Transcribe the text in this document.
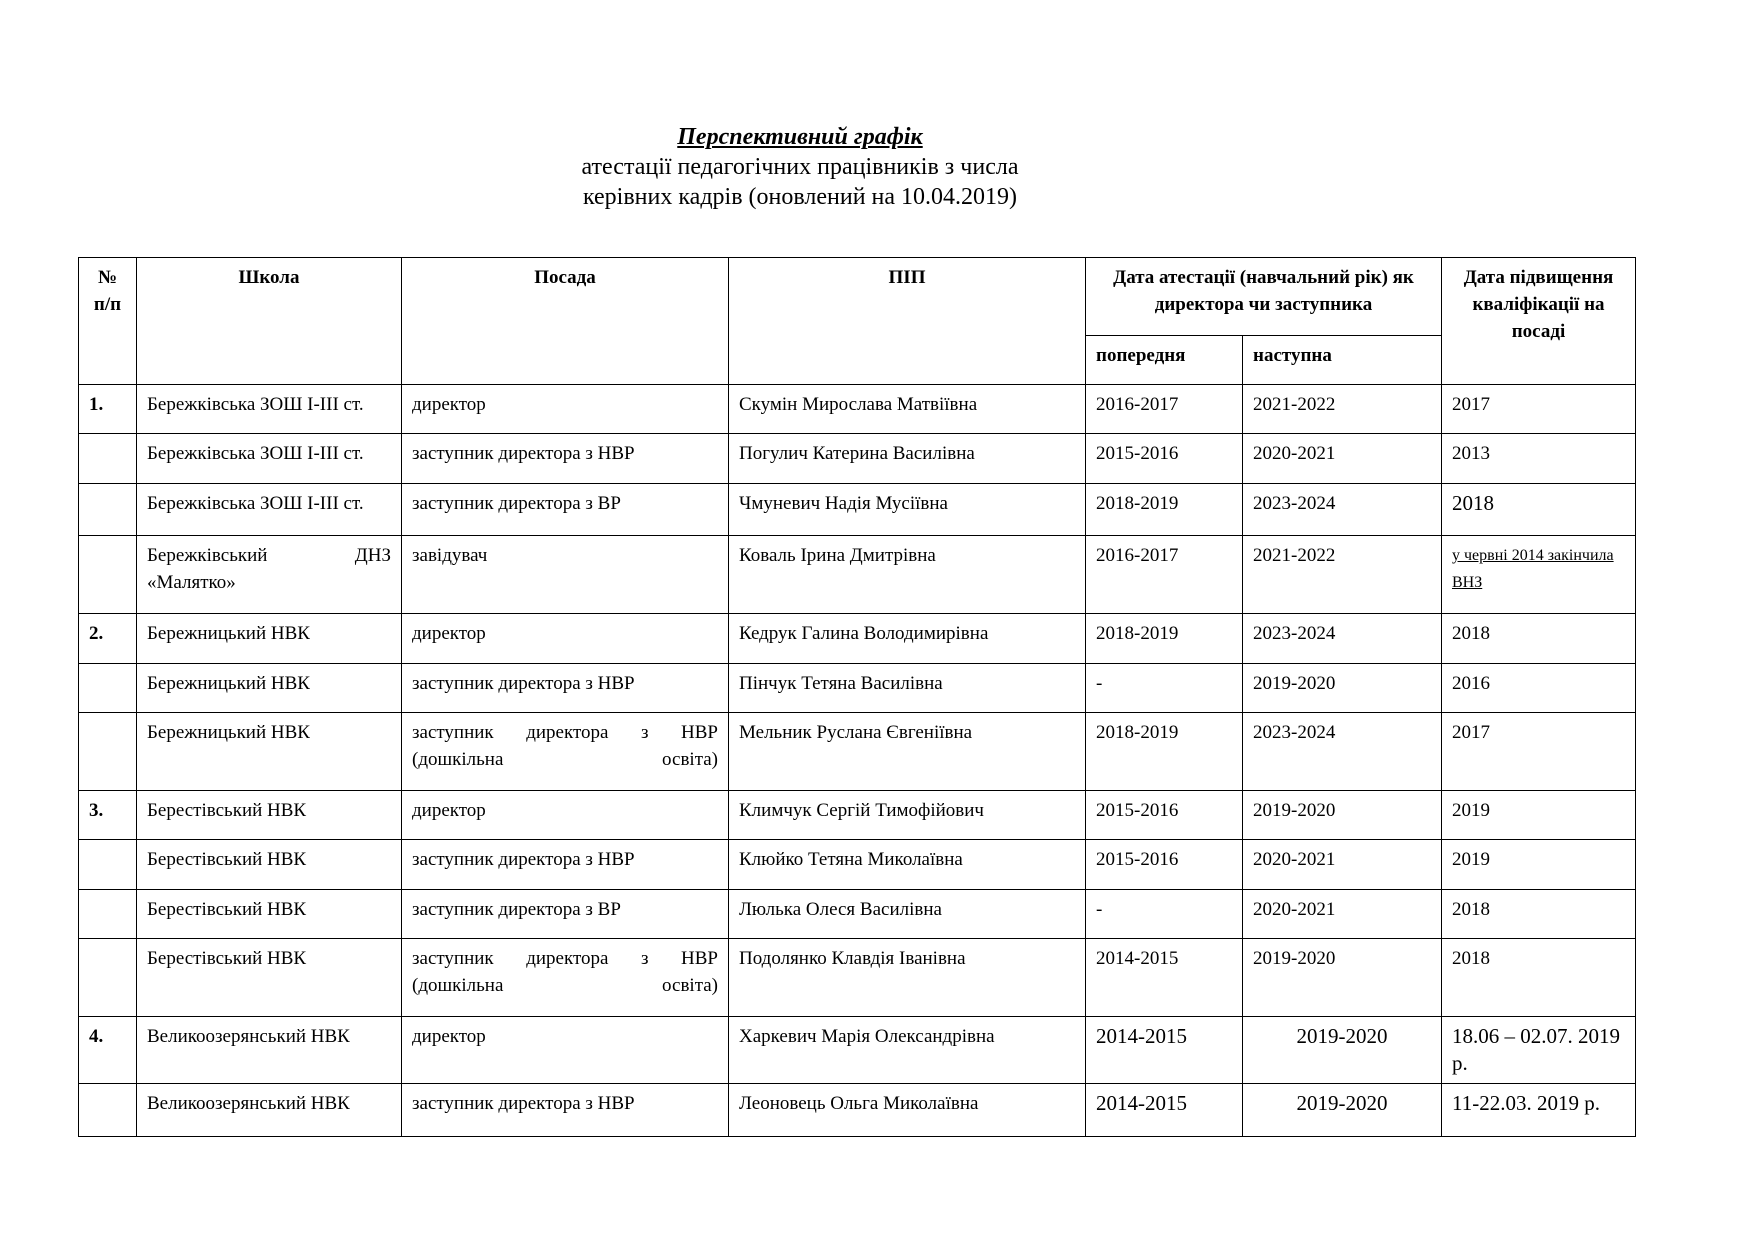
Перспективний графік
атестації педагогічних працівників з числа
керівних кадрів (оновлений на 10.04.2019)
№ п/п	Школа	Посада	ПІП	Дата атестації (навчальний рік) як директора чи заступника		Дата підвищення кваліфікації на посаді
				попередня	наступна	
1.	Бережківська ЗОШ І-ІІІ ст.	директор	Скумін Мирослава Матвіївна	2016-2017	2021-2022	2017
	Бережківська ЗОШ І-ІІІ ст.	заступник директора з НВР	Погулич Катерина Василівна	2015-2016	2020-2021	2013
	Бережківська ЗОШ І-ІІІ ст.	заступник директора з ВР	Чмуневич Надія Мусіївна	2018-2019	2023-2024	2018
	Бережківський ДНЗ «Малятко»	завідувач	Коваль Ірина Дмитрівна	2016-2017	2021-2022	у червні 2014 закінчила ВНЗ
2.	Бережницький НВК	директор	Кедрук Галина Володимирівна	2018-2019	2023-2024	2018
	Бережницький НВК	заступник директора з НВР	Пінчук Тетяна Василівна	-	2019-2020	2016
	Бережницький НВК	заступник директора з НВР (дошкільна освіта)	Мельник Руслана Євгеніївна	2018-2019	2023-2024	2017
3.	Берестівський НВК	директор	Климчук Сергій Тимофійович	2015-2016	2019-2020	2019
	Берестівський НВК	заступник директора з НВР	Клюйко Тетяна Миколаївна	2015-2016	2020-2021	2019
	Берестівський НВК	заступник директора з ВР	Люлька Олеся Василівна	-	2020-2021	2018
	Берестівський НВК	заступник директора з НВР (дошкільна освіта)	Подолянко Клавдія Іванівна	2014-2015	2019-2020	2018
4.	Великоозерянський НВК	директор	Харкевич Марія Олександрівна	2014-2015	2019-2020	18.06 – 02.07. 2019 р.
	Великоозерянський НВК	заступник директора з НВР	Леоновець Ольга Миколаївна	2014-2015	2019-2020	11-22.03. 2019 р.
